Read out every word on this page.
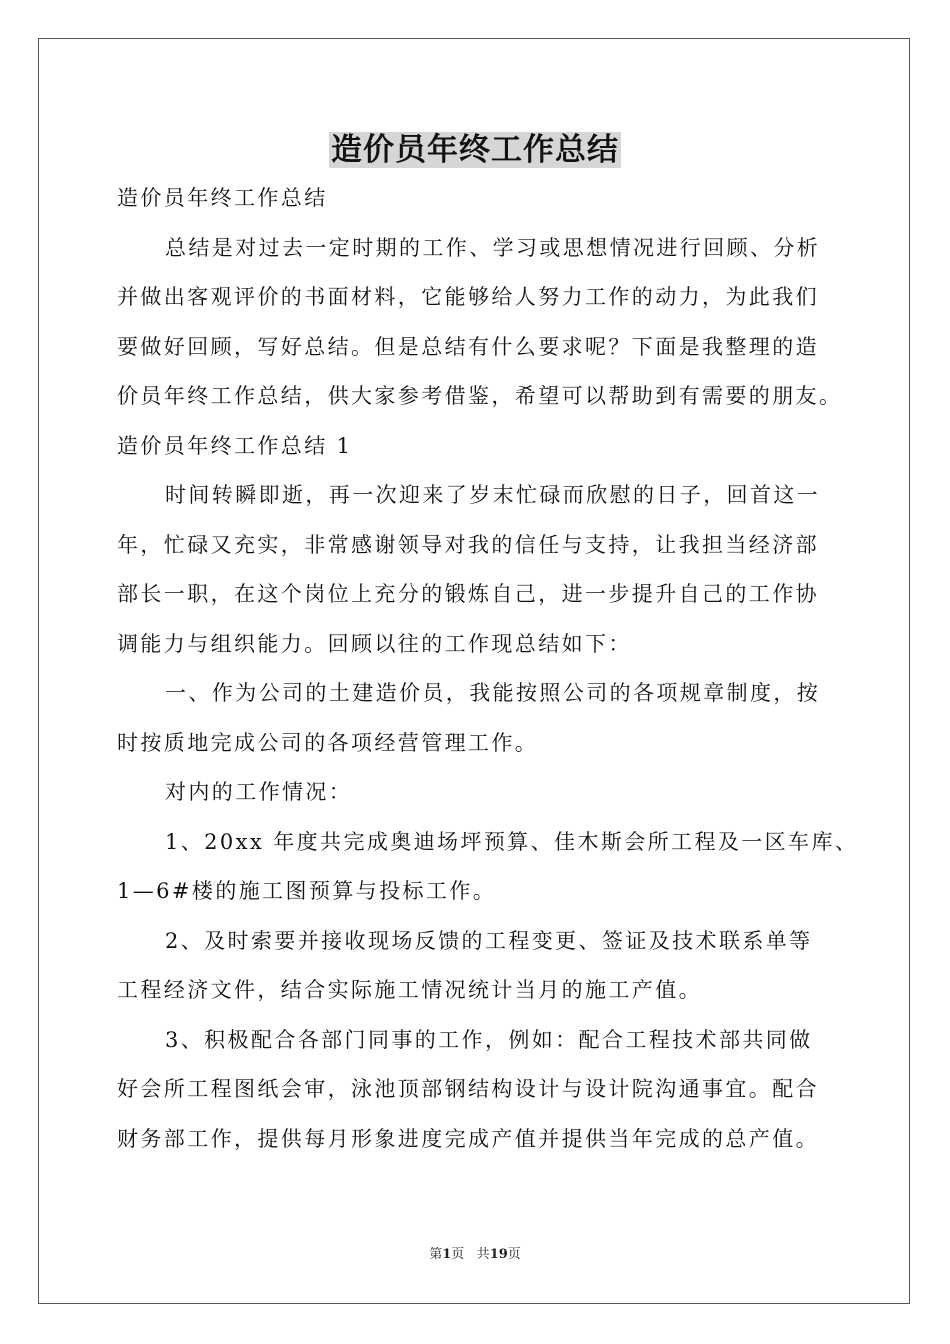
造价员年终工作总结
造价员年终工作总结
总结是对过去一定时期的工作、学习或思想情况进行回顾、分析
并做出客观评价的书面材料，它能够给人努力工作的动力，为此我们
要做好回顾，写好总结。但是总结有什么要求呢？下面是我整理的造
价员年终工作总结，供大家参考借鉴，希望可以帮助到有需要的朋友。
造价员年终工作总结 1
时间转瞬即逝，再一次迎来了岁末忙碌而欣慰的日子，回首这一
年，忙碌又充实，非常感谢领导对我的信任与支持，让我担当经济部
部长一职，在这个岗位上充分的锻炼自己，进一步提升自己的工作协
调能力与组织能力。回顾以往的工作现总结如下：
一、作为公司的土建造价员，我能按照公司的各项规章制度，按
时按质地完成公司的各项经营管理工作。
对内的工作情况：
1、20xx 年度共完成奥迪场坪预算、佳木斯会所工程及一区车库、
1—6#楼的施工图预算与投标工作。
2、及时索要并接收现场反馈的工程变更、签证及技术联系单等
工程经济文件，结合实际施工情况统计当月的施工产值。
3、积极配合各部门同事的工作，例如：配合工程技术部共同做
好会所工程图纸会审，泳池顶部钢结构设计与设计院沟通事宜。配合
财务部工作，提供每月形象进度完成产值并提供当年完成的总产值。
第1页 共19页
